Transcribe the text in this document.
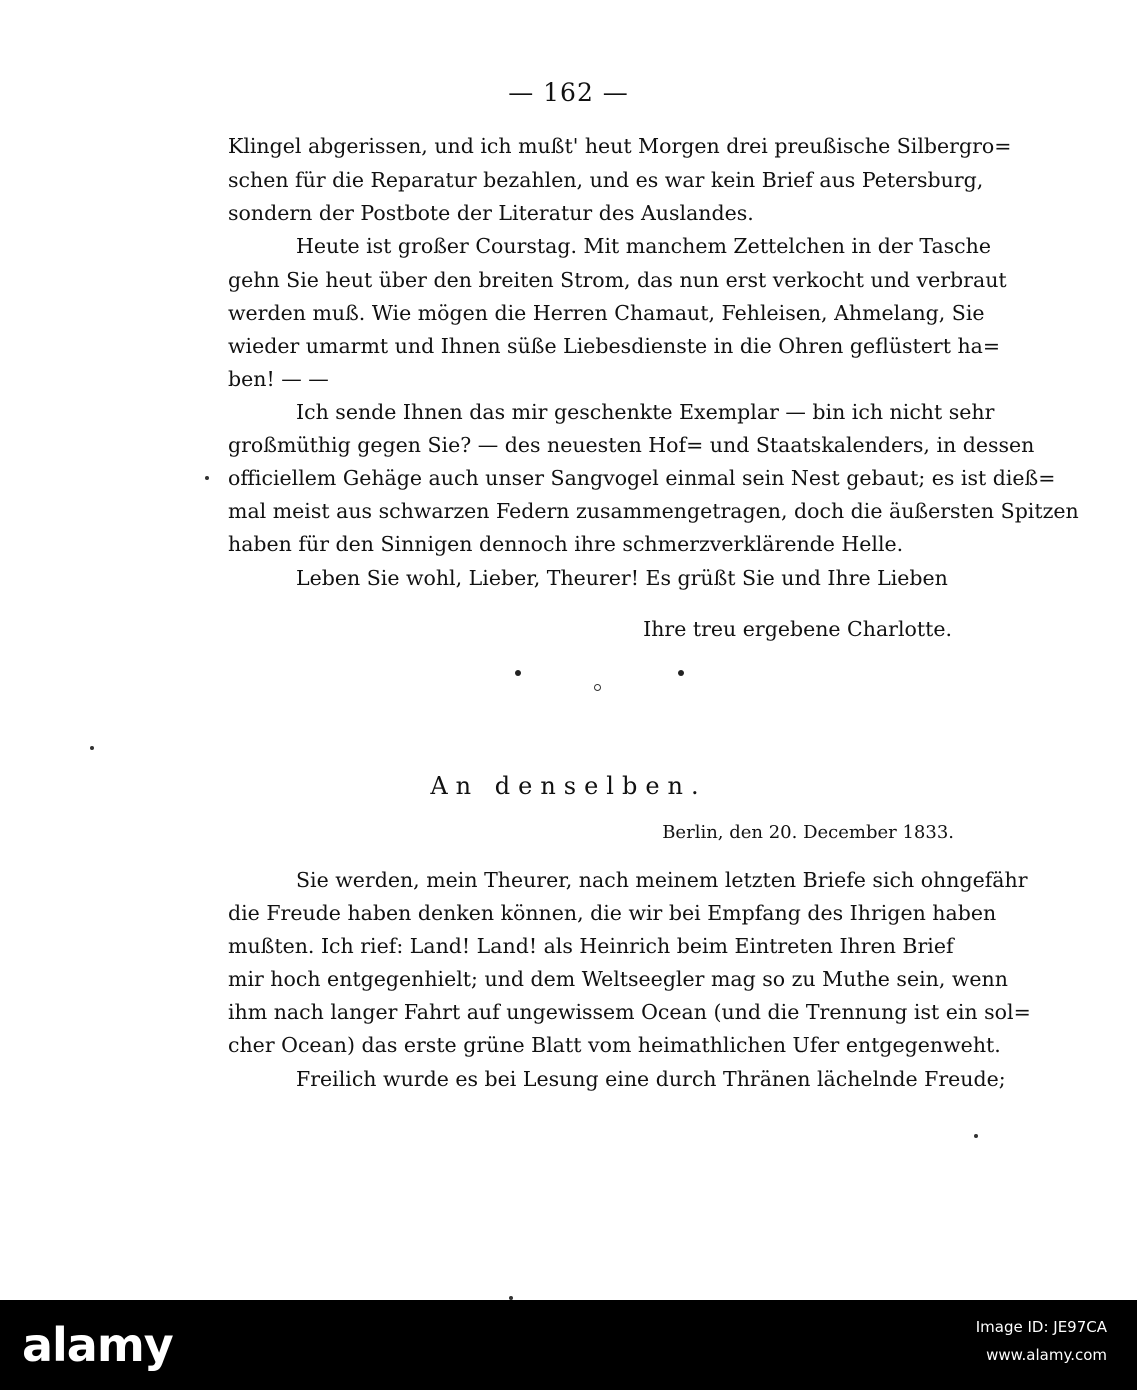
— 162 —
Klingel abgerissen, und ich mußt' heut Morgen drei preußische Silbergro=
schen für die Reparatur bezahlen, und es war kein Brief aus Petersburg,
sondern der Postbote der Literatur des Auslandes.
Heute ist großer Courstag. Mit manchem Zettelchen in der Tasche
gehn Sie heut über den breiten Strom, das nun erst verkocht und verbraut
werden muß. Wie mögen die Herren Chamaut, Fehleisen, Ahmelang, Sie
wieder umarmt und Ihnen süße Liebesdienste in die Ohren geflüstert ha=
ben! — —
Ich sende Ihnen das mir geschenkte Exemplar — bin ich nicht sehr
großmüthig gegen Sie? — des neuesten Hof= und Staatskalenders, in dessen
officiellem Gehäge auch unser Sangvogel einmal sein Nest gebaut; es ist dieß=
mal meist aus schwarzen Federn zusammengetragen, doch die äußersten Spitzen
haben für den Sinnigen dennoch ihre schmerzverklärende Helle.
Leben Sie wohl, Lieber, Theurer! Es grüßt Sie und Ihre Lieben
Ihre treu ergebene Charlotte.
An denselben.
Berlin, den 20. December 1833.
Sie werden, mein Theurer, nach meinem letzten Briefe sich ohngefähr
die Freude haben denken können, die wir bei Empfang des Ihrigen haben
mußten. Ich rief: Land! Land! als Heinrich beim Eintreten Ihren Brief
mir hoch entgegenhielt; und dem Weltseegler mag so zu Muthe sein, wenn
ihm nach langer Fahrt auf ungewissem Ocean (und die Trennung ist ein sol=
cher Ocean) das erste grüne Blatt vom heimathlichen Ufer entgegenweht.
Freilich wurde es bei Lesung eine durch Thränen lächelnde Freude;
alamy	Image ID: JE97CA
www.alamy.com
